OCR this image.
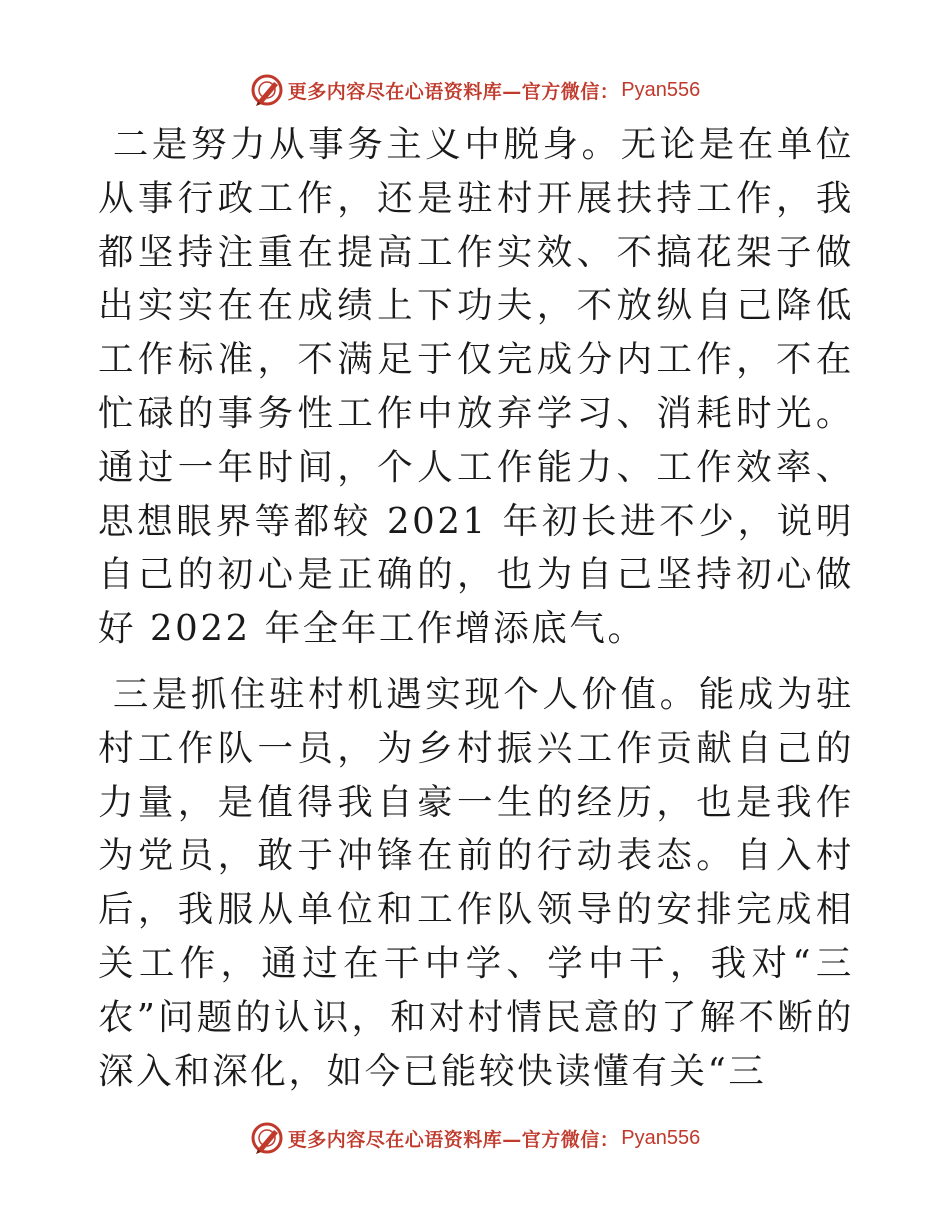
更多内容尽在心语资料库—官方微信： Pyan556

二是努力从事务主义中脱身。无论是在单位从事行政工作，还是驻村开展扶持工作，我都坚持注重在提高工作实效、不搞花架子做出实实在在成绩上下功夫，不放纵自己降低工作标准，不满足于仅完成分内工作，不在忙碌的事务性工作中放弃学习、消耗时光。通过一年时间，个人工作能力、工作效率、思想眼界等都较 2021 年初长进不少，说明自己的初心是正确的，也为自己坚持初心做好 2022 年全年工作增添底气。

三是抓住驻村机遇实现个人价值。能成为驻村工作队一员，为乡村振兴工作贡献自己的力量，是值得我自豪一生的经历，也是我作为党员，敢于冲锋在前的行动表态。自入村后，我服从单位和工作队领导的安排完成相关工作，通过在干中学、学中干，我对“三农”问题的认识，和对村情民意的了解不断的深入和深化，如今已能较快读懂有关“三

更多内容尽在心语资料库—官方微信： Pyan556
